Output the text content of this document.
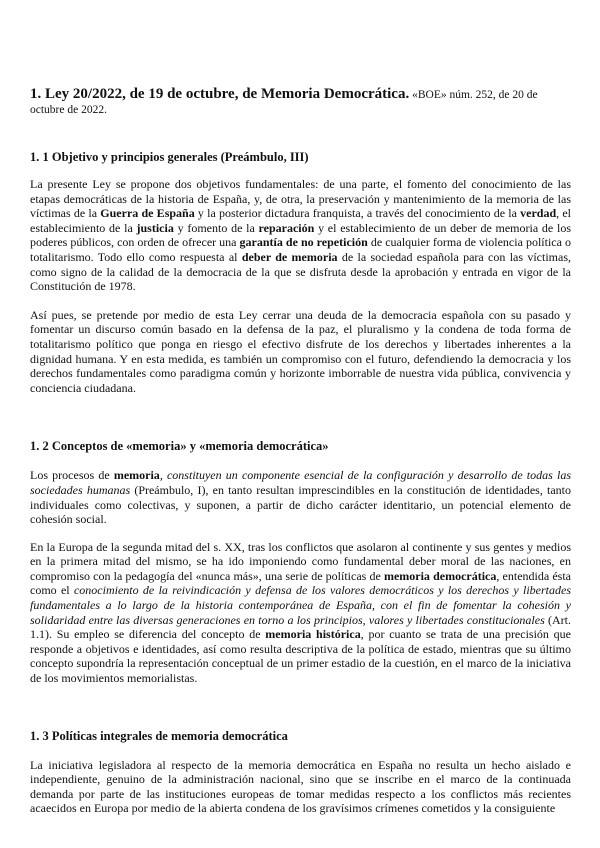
1. Ley 20/2022, de 19 de octubre, de Memoria Democrática. «BOE» núm. 252, de 20 de octubre de 2022.

1. 1 Objetivo y principios generales (Preámbulo, III)

La presente Ley se propone dos objetivos fundamentales: de una parte, el fomento del conocimiento de las etapas democráticas de la historia de España, y, de otra, la preservación y mantenimiento de la memoria de las víctimas de la Guerra de España y la posterior dictadura franquista, a través del conocimiento de la verdad, el establecimiento de la justicia y fomento de la reparación y el establecimiento de un deber de memoria de los poderes públicos, con orden de ofrecer una garantía de no repetición de cualquier forma de violencia política o totalitarismo. Todo ello como respuesta al deber de memoria de la sociedad española para con las víctimas, como signo de la calidad de la democracia de la que se disfruta desde la aprobación y entrada en vigor de la Constitución de 1978.

Así pues, se pretende por medio de esta Ley cerrar una deuda de la democracia española con su pasado y fomentar un discurso común basado en la defensa de la paz, el pluralismo y la condena de toda forma de totalitarismo político que ponga en riesgo el efectivo disfrute de los derechos y libertades inherentes a la dignidad humana. Y en esta medida, es también un compromiso con el futuro, defendiendo la democracia y los derechos fundamentales como paradigma común y horizonte imborrable de nuestra vida pública, convivencia y conciencia ciudadana.

1. 2 Conceptos de «memoria» y «memoria democrática»

Los procesos de memoria, constituyen un componente esencial de la configuración y desarrollo de todas las sociedades humanas (Preámbulo, I), en tanto resultan imprescindibles en la constitución de identidades, tanto individuales como colectivas, y suponen, a partir de dicho carácter identitario, un potencial elemento de cohesión social.

En la Europa de la segunda mitad del s. XX, tras los conflictos que asolaron al continente y sus gentes y medios en la primera mitad del mismo, se ha ido imponiendo como fundamental deber moral de las naciones, en compromiso con la pedagogía del «nunca más», una serie de políticas de memoria democrática, entendida ésta como el conocimiento de la reivindicación y defensa de los valores democráticos y los derechos y libertades fundamentales a lo largo de la historia contemporánea de España, con el fin de fomentar la cohesión y solidaridad entre las diversas generaciones en torno a los principios, valores y libertades constitucionales (Art. 1.1). Su empleo se diferencia del concepto de memoria histórica, por cuanto se trata de una precisión que responde a objetivos e identidades, así como resulta descriptiva de la política de estado, mientras que su último concepto supondría la representación conceptual de un primer estadio de la cuestión, en el marco de la iniciativa de los movimientos memorialistas.

1. 3 Políticas integrales de memoria democrática

La iniciativa legisladora al respecto de la memoria democrática en España no resulta un hecho aislado e independiente, genuino de la administración nacional, sino que se inscribe en el marco de la continuada demanda por parte de las instituciones europeas de tomar medidas respecto a los conflictos más recientes acaecidos en Europa por medio de la abierta condena de los gravísimos crímenes cometidos y la consiguiente
